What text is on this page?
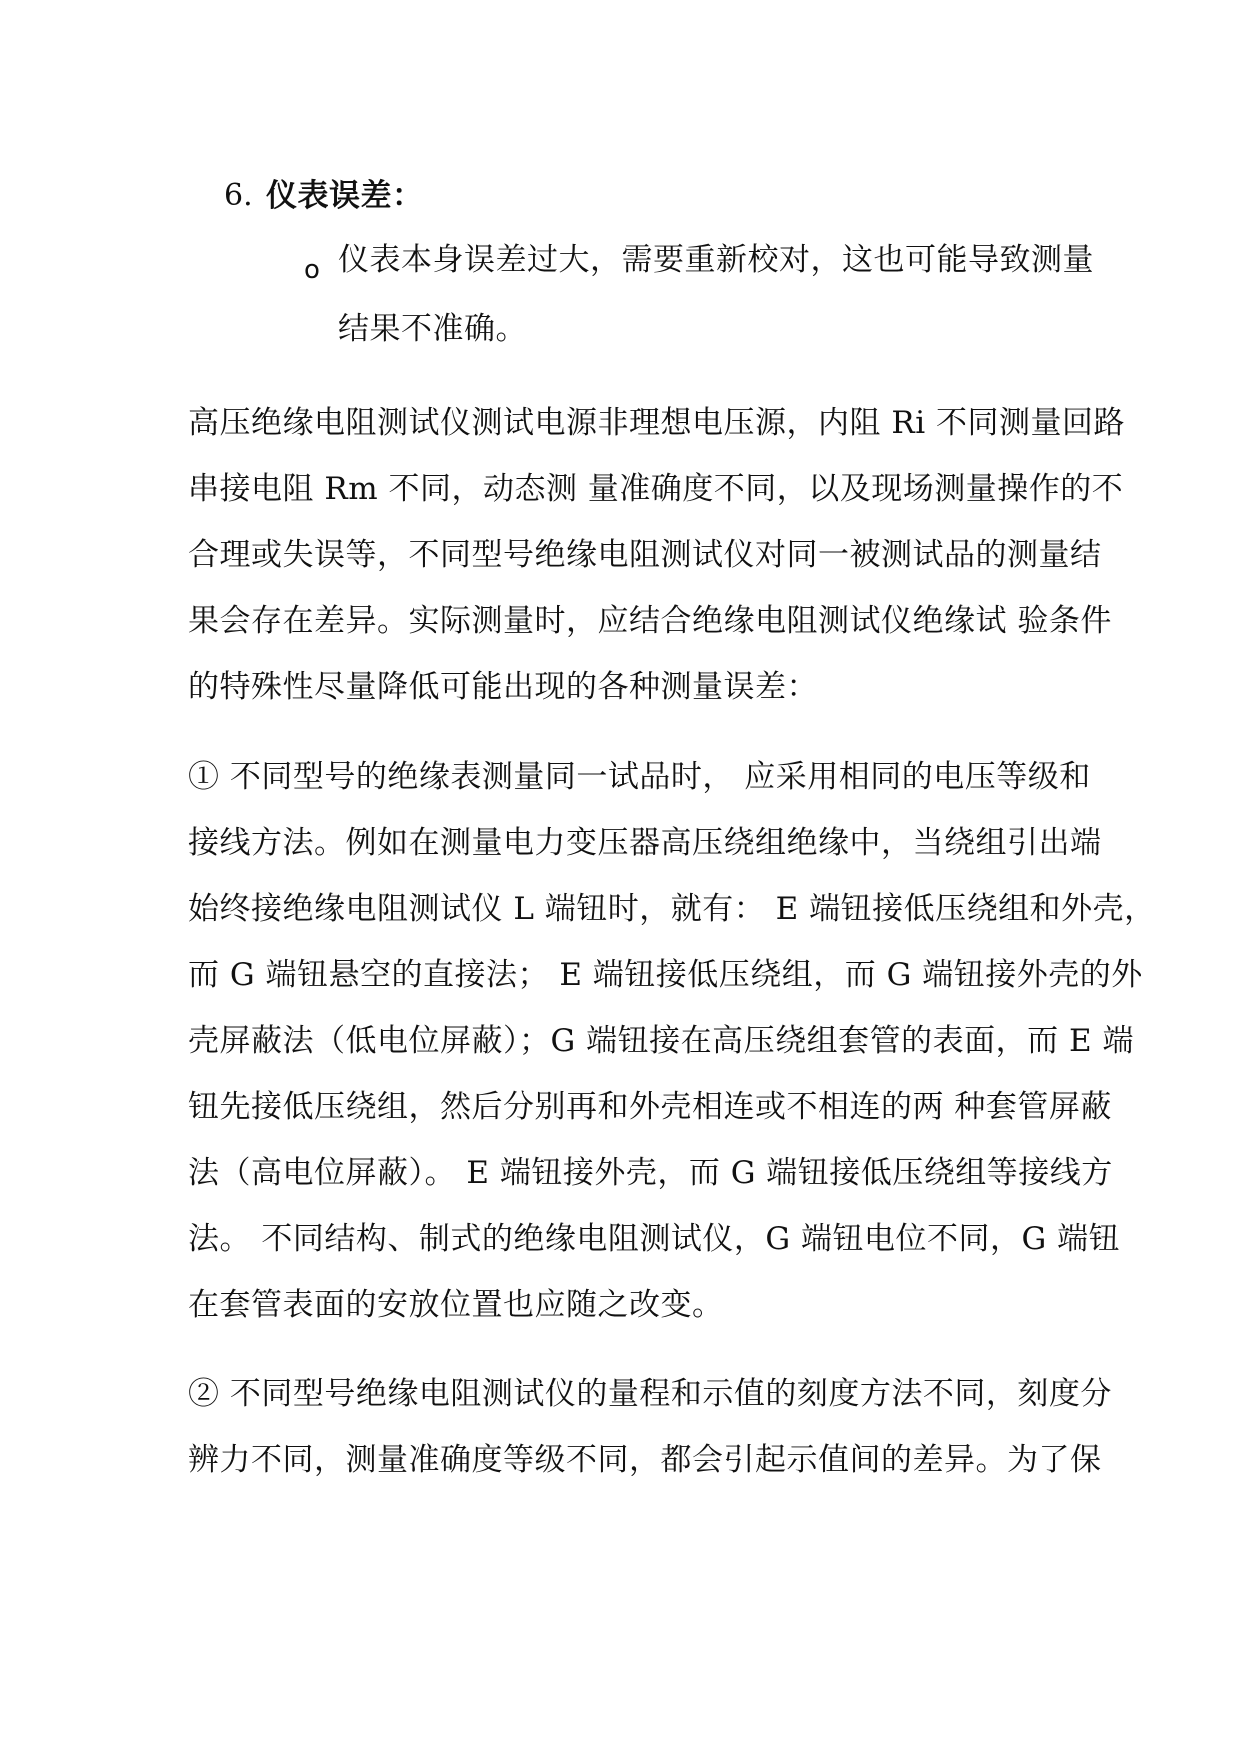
6. 仪表误差：
o 仪表本身误差过大，需要重新校对，这也可能导致测量
结果不准确。
高压绝缘电阻测试仪测试电源非理想电压源，内阻 Ri 不同测量回路
串接电阻 Rm 不同，动态测 量准确度不同，以及现场测量操作的不
合理或失误等，不同型号绝缘电阻测试仪对同一被测试品的测量结
果会存在差异。实际测量时，应结合绝缘电阻测试仪绝缘试 验条件
的特殊性尽量降低可能出现的各种测量误差：
① 不同型号的绝缘表测量同一试品时， 应采用相同的电压等级和
接线方法。例如在测量电力变压器高压绕组绝缘中，当绕组引出端
始终接绝缘电阻测试仪 L 端钮时，就有： E 端钮接低压绕组和外壳，
而 G 端钮悬空的直接法； E 端钮接低压绕组，而 G 端钮接外壳的外
壳屏蔽法（低电位屏蔽）；G 端钮接在高压绕组套管的表面，而 E 端
钮先接低压绕组，然后分别再和外壳相连或不相连的两 种套管屏蔽
法（高电位屏蔽）。 E 端钮接外壳，而 G 端钮接低压绕组等接线方
法。 不同结构、制式的绝缘电阻测试仪，G 端钮电位不同，G 端钮
在套管表面的安放位置也应随之改变。
② 不同型号绝缘电阻测试仪的量程和示值的刻度方法不同，刻度分
辨力不同，测量准确度等级不同，都会引起示值间的差异。为了保
